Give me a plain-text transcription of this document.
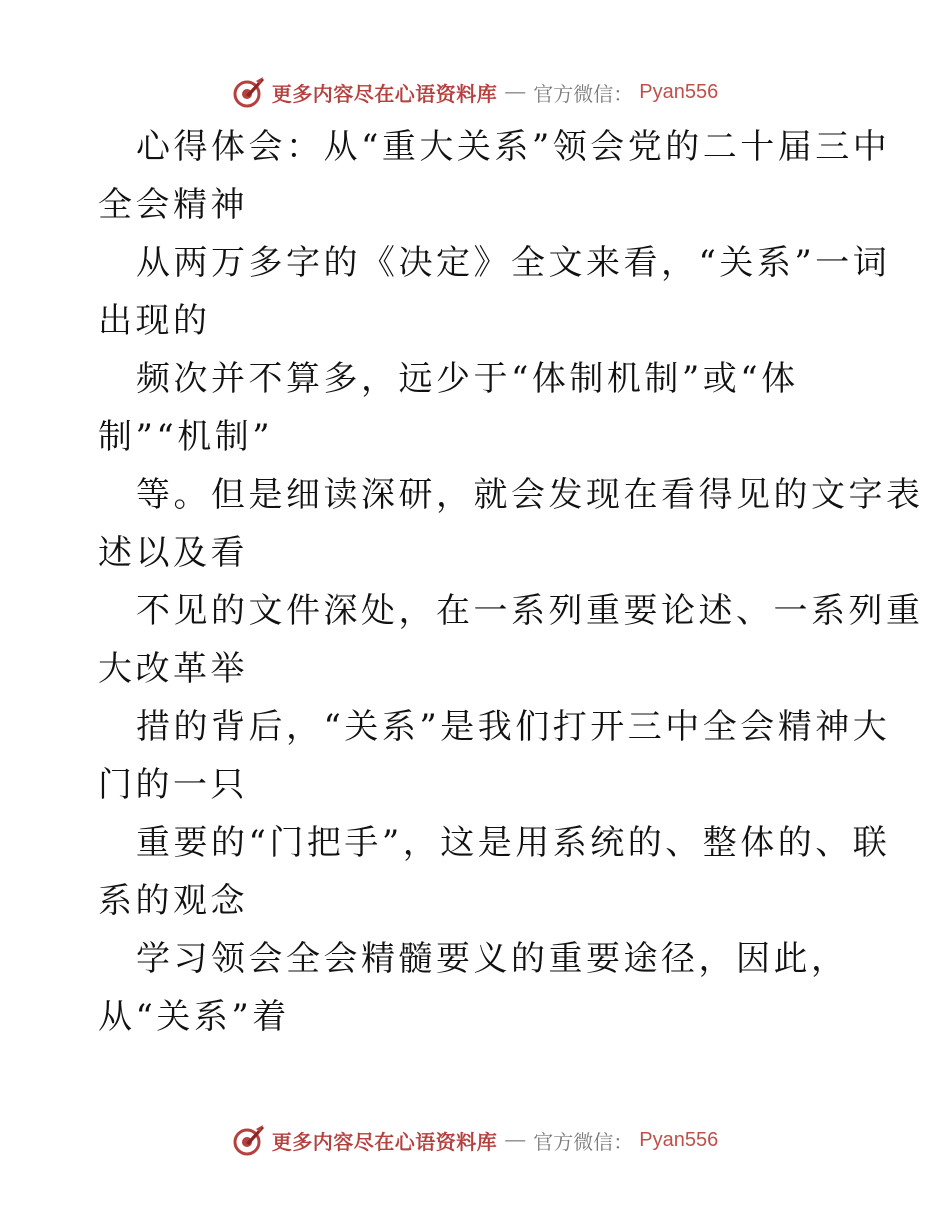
更多内容尽在心语资料库 — 官方微信： Pyan556

心得体会：从“重大关系”领会党的二十届三中
全会精神

从两万多字的《决定》全文来看，“关系”一词
出现的

频次并不算多，远少于“体制机制”或“体
制”“机制”

等。但是细读深研，就会发现在看得见的文字表
述以及看

不见的文件深处，在一系列重要论述、一系列重
大改革举

措的背后，“关系”是我们打开三中全会精神大
门的一只

重要的“门把手”，这是用系统的、整体的、联
系的观念

学习领会全会精髓要义的重要途径，因此，
从“关系”着

更多内容尽在心语资料库 — 官方微信： Pyan556
